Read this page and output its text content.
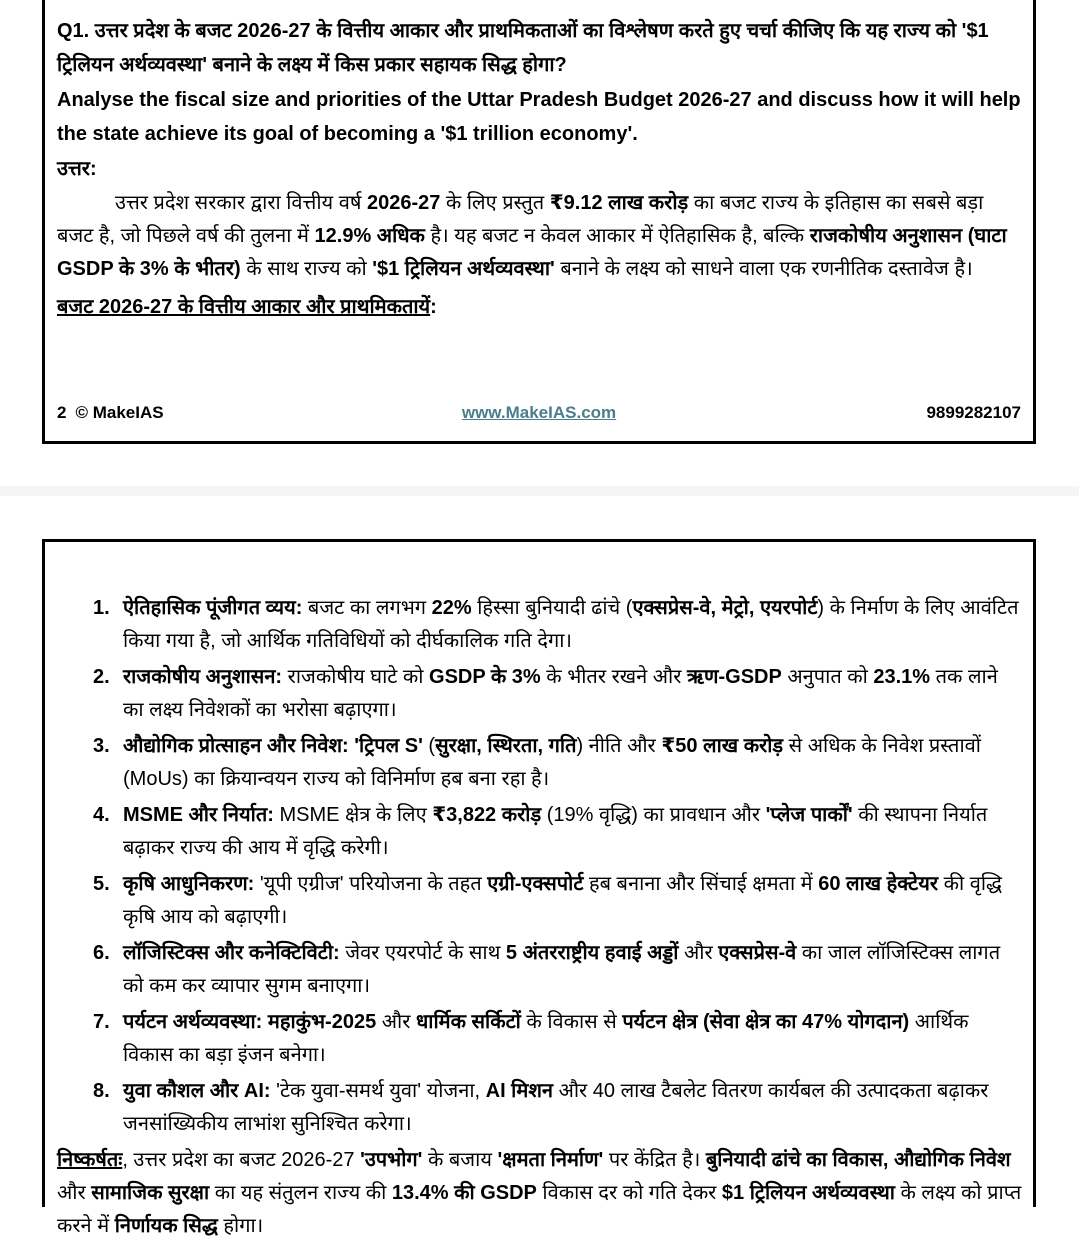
Q1. उत्तर प्रदेश के बजट 2026-27 के वित्तीय आकार और प्राथमिकताओं का विश्लेषण करते हुए चर्चा कीजिए कि यह राज्य को '$1 ट्रिलियन अर्थव्यवस्था' बनाने के लक्ष्य में किस प्रकार सहायक सिद्ध होगा?

Analyse the fiscal size and priorities of the Uttar Pradesh Budget 2026-27 and discuss how it will help the state achieve its goal of becoming a '$1 trillion economy'.

उत्तर:

उत्तर प्रदेश सरकार द्वारा वित्तीय वर्ष 2026-27 के लिए प्रस्तुत ₹9.12 लाख करोड़ का बजट राज्य के इतिहास का सबसे बड़ा बजट है, जो पिछले वर्ष की तुलना में 12.9% अधिक है। यह बजट न केवल आकार में ऐतिहासिक है, बल्कि राजकोषीय अनुशासन (घाटा GSDP के 3% के भीतर) के साथ राज्य को '$1 ट्रिलियन अर्थव्यवस्था' बनाने के लक्ष्य को साधने वाला एक रणनीतिक दस्तावेज है।

बजट 2026-27 के वित्तीय आकार और प्राथमिकतायें:

2 © MakeIAS	www.MakeIAS.com	9899282107
1. ऐतिहासिक पूंजीगत व्यय: बजट का लगभग 22% हिस्सा बुनियादी ढांचे (एक्सप्रेस-वे, मेट्रो, एयरपोर्ट) के निर्माण के लिए आवंटित किया गया है, जो आर्थिक गतिविधियों को दीर्घकालिक गति देगा।
2. राजकोषीय अनुशासन: राजकोषीय घाटे को GSDP के 3% के भीतर रखने और ऋण-GSDP अनुपात को 23.1% तक लाने का लक्ष्य निवेशकों का भरोसा बढ़ाएगा।
3. औद्योगिक प्रोत्साहन और निवेश: 'ट्रिपल S' (सुरक्षा, स्थिरता, गति) नीति और ₹50 लाख करोड़ से अधिक के निवेश प्रस्तावों (MoUs) का क्रियान्वयन राज्य को विनिर्माण हब बना रहा है।
4. MSME और निर्यात: MSME क्षेत्र के लिए ₹3,822 करोड़ (19% वृद्धि) का प्रावधान और 'प्लेज पार्कों' की स्थापना निर्यात बढ़ाकर राज्य की आय में वृद्धि करेगी।
5. कृषि आधुनिकरण: 'यूपी एग्रीज' परियोजना के तहत एग्री-एक्सपोर्ट हब बनाना और सिंचाई क्षमता में 60 लाख हेक्टेयर की वृद्धि कृषि आय को बढ़ाएगी।
6. लॉजिस्टिक्स और कनेक्टिविटी: जेवर एयरपोर्ट के साथ 5 अंतरराष्ट्रीय हवाई अड्डों और एक्सप्रेस-वे का जाल लॉजिस्टिक्स लागत को कम कर व्यापार सुगम बनाएगा।
7. पर्यटन अर्थव्यवस्था: महाकुंभ-2025 और धार्मिक सर्किटों के विकास से पर्यटन क्षेत्र (सेवा क्षेत्र का 47% योगदान) आर्थिक विकास का बड़ा इंजन बनेगा।
8. युवा कौशल और AI: 'टेक युवा-समर्थ युवा' योजना, AI मिशन और 40 लाख टैबलेट वितरण कार्यबल की उत्पादकता बढ़ाकर जनसांख्यिकीय लाभांश सुनिश्चित करेगा।

निष्कर्षतः, उत्तर प्रदेश का बजट 2026-27 'उपभोग' के बजाय 'क्षमता निर्माण' पर केंद्रित है। बुनियादी ढांचे का विकास, औद्योगिक निवेश और सामाजिक सुरक्षा का यह संतुलन राज्य की 13.4% की GSDP विकास दर को गति देकर $1 ट्रिलियन अर्थव्यवस्था के लक्ष्य को प्राप्त करने में निर्णायक सिद्ध होगा।
